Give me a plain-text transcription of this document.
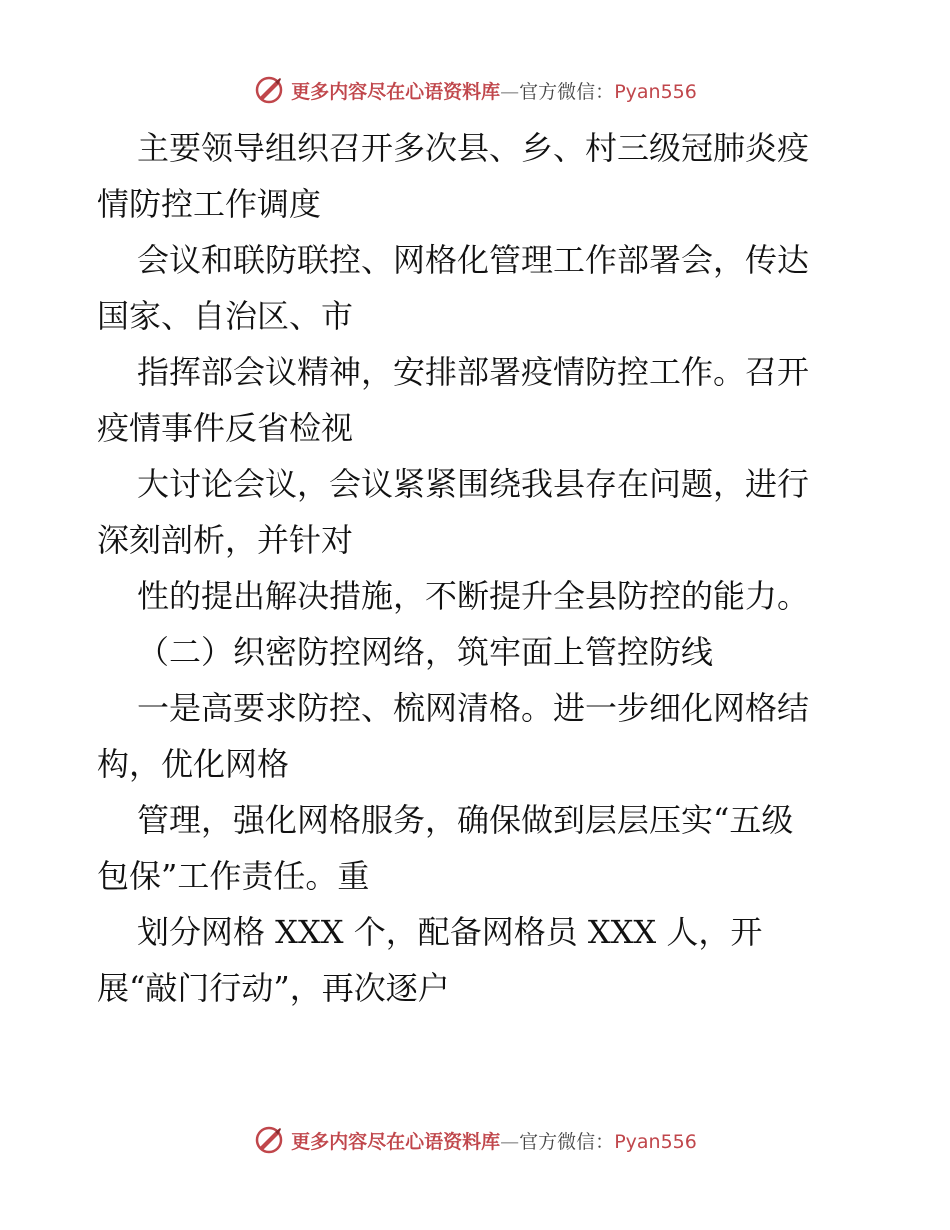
更多内容尽在心语资料库—官方微信：Pyan556
主要领导组织召开多次县、乡、村三级冠肺炎疫
情防控工作调度
会议和联防联控、网格化管理工作部署会，传达
国家、自治区、市
指挥部会议精神，安排部署疫情防控工作。召开
疫情事件反省检视
大讨论会议，会议紧紧围绕我县存在问题，进行
深刻剖析，并针对
性的提出解决措施，不断提升全县防控的能力。
（二）织密防控网络，筑牢面上管控防线
一是高要求防控、梳网清格。进一步细化网格结
构，优化网格
管理，强化网格服务，确保做到层层压实“五级
包保”工作责任。重
划分网格 XXX 个，配备网格员 XXX 人，开
展“敲门行动”，再次逐户
更多内容尽在心语资料库—官方微信：Pyan556
